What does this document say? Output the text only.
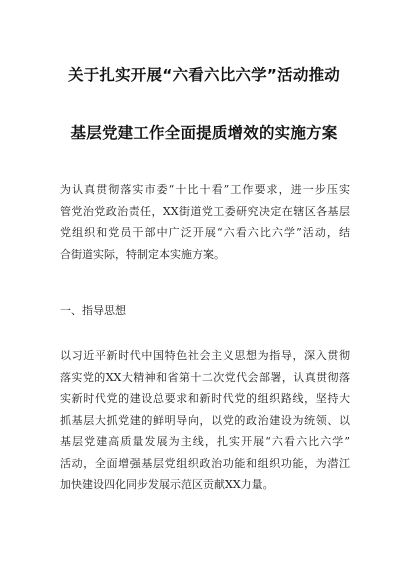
关于扎实开展“六看六比六学”活动推动
基层党建工作全面提质增效的实施方案
为认真贯彻落实市委“十比十看”工作要求，进一步压实
管党治党政治责任，XX街道党工委研究决定在辖区各基层
党组织和党员干部中广泛开展“六看六比六学”活动，结
合街道实际，特制定本实施方案。
一、指导思想
以习近平新时代中国特色社会主义思想为指导，深入贯彻
落实党的XX大精神和省第十二次党代会部署，认真贯彻落
实新时代党的建设总要求和新时代党的组织路线，坚持大
抓基层大抓党建的鲜明导向，以党的政治建设为统领、以
基层党建高质量发展为主线，扎实开展“六看六比六学”
活动，全面增强基层党组织政治功能和组织功能，为潜江
加快建设四化同步发展示范区贡献XX力量。
